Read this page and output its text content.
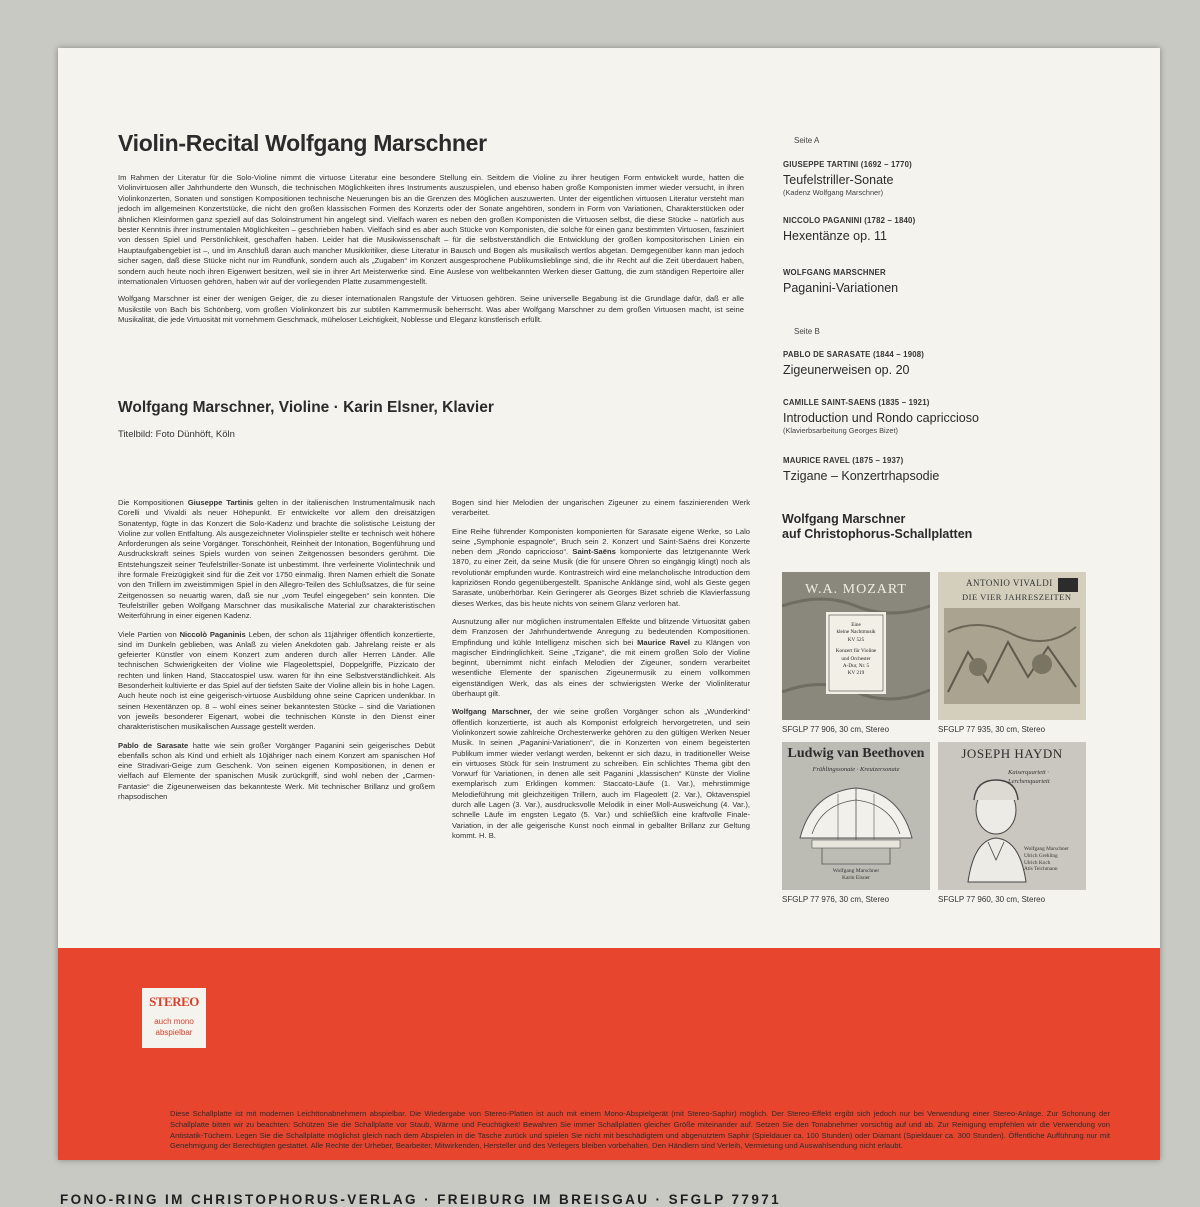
Violin-Recital Wolfgang Marschner

Im Rahmen der Literatur für die Solo-Violine nimmt die virtuose Literatur eine besondere Stellung ein. Seitdem die Violine zu ihrer heutigen Form entwickelt wurde, hatten die Violinvirtuosen aller Jahrhunderte den Wunsch, die technischen Möglichkeiten ihres Instruments auszuspielen, und ebenso haben große Komponisten immer wieder versucht, in ihren Violinkonzerten, Sonaten und sonstigen Kompositionen technische Neuerungen bis an die Grenzen des Möglichen auszuwerten. Unter der eigentlichen virtuosen Literatur versteht man jedoch im allgemeinen Konzertstücke, die nicht den großen klassischen Formen des Konzerts oder der Sonate angehören, sondern in Form von Variationen, Charakterstücken oder ähnlichen Kleinformen ganz speziell auf das Soloinstrument hin angelegt sind. Vielfach waren es neben den großen Komponisten die Virtuosen selbst, die diese Stücke – natürlich aus bester Kenntnis ihrer instrumentalen Möglichkeiten – geschrieben haben. Vielfach sind es aber auch Stücke von Komponisten, die solche für einen ganz bestimmten Virtuosen, fasziniert von dessen Spiel und Persönlichkeit, geschaffen haben. Leider hat die Musikwissenschaft – für die selbstverständlich die Entwicklung der großen kompositorischen Linien ein Hauptaufgabengebiet ist –, und im Anschluß daran auch mancher Musikkritiker, diese Literatur in Bausch und Bogen als musikalisch wertlos abgetan. Demgegenüber kann man jedoch sicher sagen, daß diese Stücke nicht nur im Rundfunk, sondern auch als „Zugaben“ im Konzert ausgesprochene Publikumslieblinge sind, die ihr Recht auf die Zeit überdauert haben, sondern auch heute noch ihren Eigenwert besitzen, weil sie in ihrer Art Meisterwerke sind. Eine Auslese von weltbekannten Werken dieser Gattung, die zum ständigen Repertoire aller internationalen Virtuosen gehören, haben wir auf der vorliegenden Platte zusammengestellt.

Wolfgang Marschner ist einer der wenigen Geiger, die zu dieser internationalen Rangstufe der Virtuosen gehören. Seine universelle Begabung ist die Grundlage dafür, daß er alle Musikstile von Bach bis Schönberg, vom großen Violinkonzert bis zur subtilen Kammermusik beherrscht. Was aber Wolfgang Marschner zu dem großen Virtuosen macht, ist seine Musikalität, die jede Virtuosität mit vornehmem Geschmack, müheloser Leichtigkeit, Noblesse und Eleganz künstlerisch erfüllt.

Wolfgang Marschner, Violine · Karin Elsner, Klavier
Titelbild: Foto Dünhöft, Köln

Die Kompositionen Giuseppe Tartinis gelten in der italienischen Instrumentalmusik nach Corelli und Vivaldi als neuer Höhepunkt. Er entwickelte vor allem den dreisätzigen Sonatentyp, fügte in das Konzert die Solo-Kadenz und brachte die solistische Leistung der Violine zur vollen Entfaltung. Als ausgezeichneter Violinspieler stellte er technisch weit höhere Anforderungen als seine Vorgänger. Tonschönheit, Reinheit der Intonation, Bogenführung und Ausdruckskraft seines Spiels wurden von seinen Zeitgenossen besonders gerühmt. Die Entstehungszeit seiner Teufelstriller-Sonate ist unbestimmt. Ihre verfeinerte Violintechnik und ihre formale Freizügigkeit sind für die Zeit vor 1750 einmalig. Ihren Namen erhielt die Sonate von den Trillern im zweistimmigen Spiel in den Allegro-Teilen des Schlußsatzes, die für seine Zeitgenossen so neuartig waren, daß sie nur „vom Teufel eingegeben“ sein konnten. Die Teufelstriller geben Wolfgang Marschner das musikalische Material zur charakteristischen Weiterführung in einer eigenen Kadenz.

Viele Partien von Niccolò Paganinis Leben, der schon als 11jähriger öffentlich konzertierte, sind im Dunkeln geblieben, was Anlaß zu vielen Anekdoten gab. Jahrelang reiste er als gefeierter Künstler von einem Konzert zum anderen durch aller Herren Länder. Alle technischen Schwierigkeiten der Violine wie Flageolettspiel, Doppelgriffe, Pizzicato der rechten und linken Hand, Staccatospiel usw. waren für ihn eine Selbstverständlichkeit. Als Besonderheit kultivierte er das Spiel auf der tiefsten Saite der Violine allein bis in hohe Lagen. Auch heute noch ist eine geigerisch-virtuose Ausbildung ohne seine Capricen undenkbar. In seinen Hexentänzen op. 8 – wohl eines seiner bekanntesten Stücke – sind die Variationen von jeweils besonderer Eigenart, wobei die technischen Künste in den Dienst einer charakteristischen musikalischen Aussage gestellt werden.

Pablo de Sarasate hatte wie sein großer Vorgänger Paganini sein geigerisches Debüt ebenfalls schon als Kind und erhielt als 10jähriger nach einem Konzert am spanischen Hof eine Stradivari-Geige zum Geschenk. Von seinen eigenen Kompositionen, in denen er vielfach auf Elemente der spanischen Musik zurückgriff, sind wohl neben der „Carmen-Fantasie“ die Zigeunerweisen das bekannteste Werk. Mit technischer Brillanz und großem rhapsodischen

Bogen sind hier Melodien der ungarischen Zigeuner zu einem faszinierenden Werk verarbeitet.

Eine Reihe führender Komponisten komponierten für Sarasate eigene Werke, so Lalo seine „Symphonie espagnole“, Bruch sein 2. Konzert und Saint-Saëns drei Konzerte neben dem „Rondo capriccioso“. Saint-Saëns komponierte das letztgenannte Werk 1870, zu einer Zeit, da seine Musik (die für unsere Ohren so eingängig klingt) noch als revolutionär empfunden wurde. Kontrastreich wird eine melancholische Introduction dem kapriziösen Rondo gegenübergestellt. Spanische Anklänge sind, wohl als Geste gegen Sarasate, unüberhörbar. Kein Geringerer als Georges Bizet schrieb die Klavierfassung dieses Werkes, das bis heute nichts von seinem Glanz verloren hat.

Ausnutzung aller nur möglichen instrumentalen Effekte und blitzende Virtuosität gaben dem Franzosen der Jahrhundertwende Anregung zu bedeutenden Kompositionen. Empfindung und kühle Intelligenz mischen sich bei Maurice Ravel zu Klängen von magischer Eindringlichkeit. Seine „Tzigane“, die mit einem großen Solo der Violine beginnt, übernimmt nicht einfach Melodien der Zigeuner, sondern verarbeitet wesentliche Elemente der spanischen Zigeunermusik zu einem vollkommen eigenständigen Werk, das als eines der schwierigsten Werke der Violinliteratur überhaupt gilt.

Wolfgang Marschner, der wie seine großen Vorgänger schon als „Wunderkind“ öffentlich konzertierte, ist auch als Komponist erfolgreich hervorgetreten, und sein Violinkonzert sowie zahlreiche Orchesterwerke gehören zu den gültigen Werken Neuer Musik. In seinen „Paganini-Variationen“, die in Konzerten von einem begeisterten Publikum immer wieder verlangt werden, bekennt er sich dazu, in traditioneller Weise ein virtuoses Stück für sein Instrument zu schreiben. Ein schlichtes Thema gibt den Vorwurf für Variationen, in denen alle seit Paganini „klassischen“ Künste der Violine exemplarisch zum Erklingen kommen: Staccato-Läufe (1. Var.), mehrstimmige Melodieführung mit gleichzeitigen Trillern, auch im Flageolett (2. Var.), Oktavenspiel durch alle Lagen (3. Var.), ausdrucksvolle Melodik in einer Moll-Ausweichung (4. Var.), schnelle Läufe im engsten Legato (5. Var.) und schließlich eine kraftvolle Finale-Variation, in der alle geigerische Kunst noch einmal in geballter Brillanz zur Geltung kommt. H. B.

Seite A
GIUSEPPE TARTINI (1692 – 1770)
Teufelstriller-Sonate
(Kadenz Wolfgang Marschner)
NICCOLO PAGANINI (1782 – 1840)
Hexentänze op. 11
WOLFGANG MARSCHNER
Paganini-Variationen
Seite B
PABLO DE SARASATE (1844 – 1908)
Zigeunerweisen op. 20
CAMILLE SAINT-SAENS (1835 – 1921)
Introduction und Rondo capriccioso
(Klavierbsarbeitung Georges Bizet)
MAURICE RAVEL (1875 – 1937)
Tzigane – Konzertrhapsodie
Wolfgang Marschner
auf Christophorus-Schallplatten
W.A. MOZART
Eine
kleine Nachtmusik
KV 525
Konzert für Violine
und Orchester
A-Dur, Nr. 5
KV 219
SFGLP 77 906, 30 cm, Stereo
ANTONIO VIVALDI
DIE VIER JAHRESZEITEN
SFGLP 77 935, 30 cm, Stereo
Ludwig van Beethoven
Frühlingssonate · Kreutzersonate
Wolfgang Marschner
Karin Elsner
SFGLP 77 976, 30 cm, Stereo
JOSEPH HAYDN
Kaiserquartett · Lerchenquartett
Wolfgang Marschner
Ulrich Grehling
Ulrich Koch
Atis Teichmann
SFGLP 77 960, 30 cm, Stereo
STEREO
auch mono
abspielbar
Diese Schallplatte ist mit modernen Leichttonabnehmern abspielbar. Die Wiedergabe von Stereo-Platten ist auch mit einem Mono-Abspielgerät (mit Stereo-Saphir) möglich. Der Stereo-Effekt ergibt sich jedoch nur bei Verwendung einer Stereo-Anlage. Zur Schonung der Schallplatte bitten wir zu beachten: Schützen Sie die Schallplatte vor Staub, Wärme und Feuchtigkeit! Bewahren Sie immer Schallplatten gleicher Größe miteinander auf. Setzen Sie den Tonabnehmer vorsichtig auf und ab. Zur Reinigung empfehlen wir die Verwendung von Antistatik-Tüchern. Legen Sie die Schallplatte möglichst gleich nach dem Abspielen in die Tasche zurück und spielen Sie nicht mit beschädigtem und abgenutztem Saphir (Spieldauer ca. 100 Stunden) oder Diamant (Spieldauer ca. 300 Stunden). Öffentliche Aufführung nur mit Genehmigung der Berechtigten gestattet. Alle Rechte der Urheber, Bearbeiter, Mitwirkenden, Hersteller und des Verlegers bleiben vorbehalten. Den Händlern sind Verleih, Vermietung und Auswahlsendung nicht erlaubt.
FONO-RING IM CHRISTOPHORUS-VERLAG · FREIBURG IM BREISGAU · SFGLP 77971
